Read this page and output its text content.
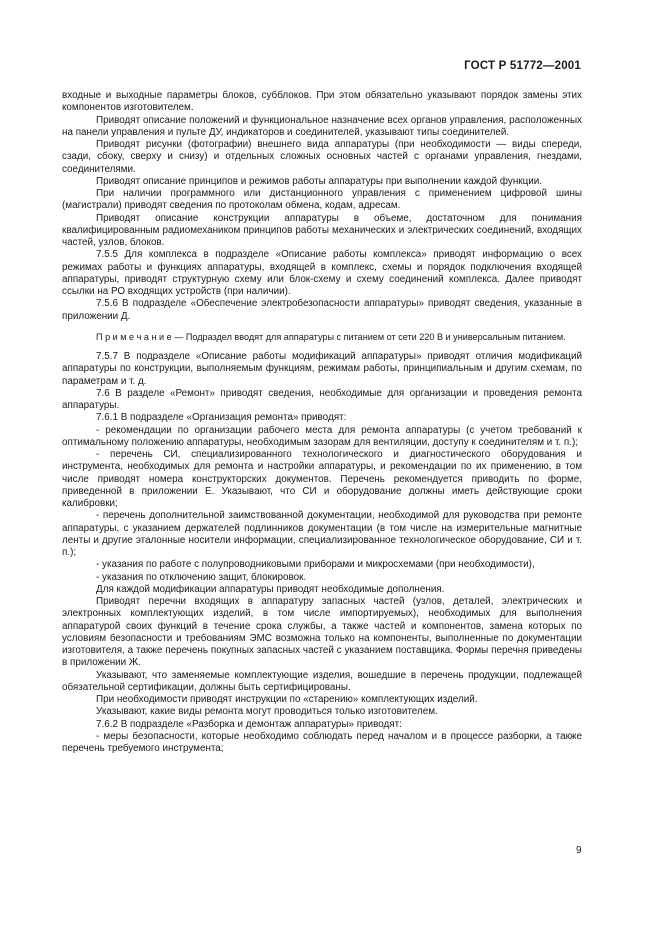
ГОСТ Р 51772—2001

входные и выходные параметры блоков, субблоков. При этом обязательно указывают порядок замены этих компонентов изготовителем.

Приводят описание положений и функциональное назначение всех органов управления, расположенных на панели управления и пульте ДУ, индикаторов и соединителей, указывают типы соединителей.

Приводят рисунки (фотографии) внешнего вида аппаратуры (при необходимости — виды спереди, сзади, сбоку, сверху и снизу) и отдельных сложных основных частей с органами управления, гнездами, соединителями.

Приводят описание принципов и режимов работы аппаратуры при выполнении каждой функции.

При наличии программного или дистанционного управления с применением цифровой шины (магистрали) приводят сведения по протоколам обмена, кодам, адресам.

Приводят описание конструкции аппаратуры в объеме, достаточном для понимания квалифицированным радиомехаником принципов работы механических и электрических соединений, входящих частей, узлов, блоков.

7.5.5 Для комплекса в подразделе «Описание работы комплекса» приводят информацию о всех режимах работы и функциях аппаратуры, входящей в комплекс, схемы и порядок подключения входящей аппаратуры, приводят структурную схему или блок-схему и схему соединений комплекса. Далее приводят ссылки на РО входящих устройств (при наличии).

7.5.6 В подразделе «Обеспечение электробезопасности аппаратуры» приводят сведения, указанные в приложении Д.

П р и м е ч а н и е — Подраздел вводят для аппаратуры с питанием от сети 220 В и универсальным питанием.

7.5.7 В подразделе «Описание работы модификаций аппаратуры» приводят отличия модификаций аппаратуры по конструкции, выполняемым функциям, режимам работы, принципиальным и другим схемам, по параметрам и т. д.

7.6 В разделе «Ремонт» приводят сведения, необходимые для организации и проведения ремонта аппаратуры.

7.6.1 В подразделе «Организация ремонта» приводят:

- рекомендации по организации рабочего места для ремонта аппаратуры (с учетом требований к оптимальному положению аппаратуры, необходимым зазорам для вентиляции, доступу к соединителям и т. п.);

- перечень СИ, специализированного технологического и диагностического оборудования и инструмента, необходимых для ремонта и настройки аппаратуры, и рекомендации по их применению, в том числе приводят номера конструкторских документов. Перечень рекомендуется приводить по форме, приведенной в приложении Е. Указывают, что СИ и оборудование должны иметь действующие сроки калибровки;

- перечень дополнительной заимствованной документации, необходимой для руководства при ремонте аппаратуры, с указанием держателей подлинников документации (в том числе на измерительные магнитные ленты и другие эталонные носители информации, специализированное технологическое оборудование, СИ и т. п.);

- указания по работе с полупроводниковыми приборами и микросхемами (при необходимости),

- указания по отключению защит, блокировок.

Для каждой модификации аппаратуры приводят необходимые дополнения.

Приводят перечни входящих в аппаратуру запасных частей (узлов, деталей, электрических и электронных комплектующих изделий, в том числе импортируемых), необходимых для выполнения аппаратурой своих функций в течение срока службы, а также частей и компонентов, замена которых по условиям безопасности и требованиям ЭМС возможна только на компоненты, выполненные по документации изготовителя, а также перечень покупных запасных частей с указанием поставщика. Формы перечня приведены в приложении Ж.

Указывают, что заменяемые комплектующие изделия, вошедшие в перечень продукции, подлежащей обязательной сертификации, должны быть сертифицированы.

При необходимости приводят инструкции по «старению» комплектующих изделий.

Указывают, какие виды ремонта могут проводиться только изготовителем.

7.6.2 В подразделе «Разборка и демонтаж аппаратуры» приводят:

- меры безопасности, которые необходимо соблюдать перед началом и в процессе разборки, а также перечень требуемого инструмента;

9
